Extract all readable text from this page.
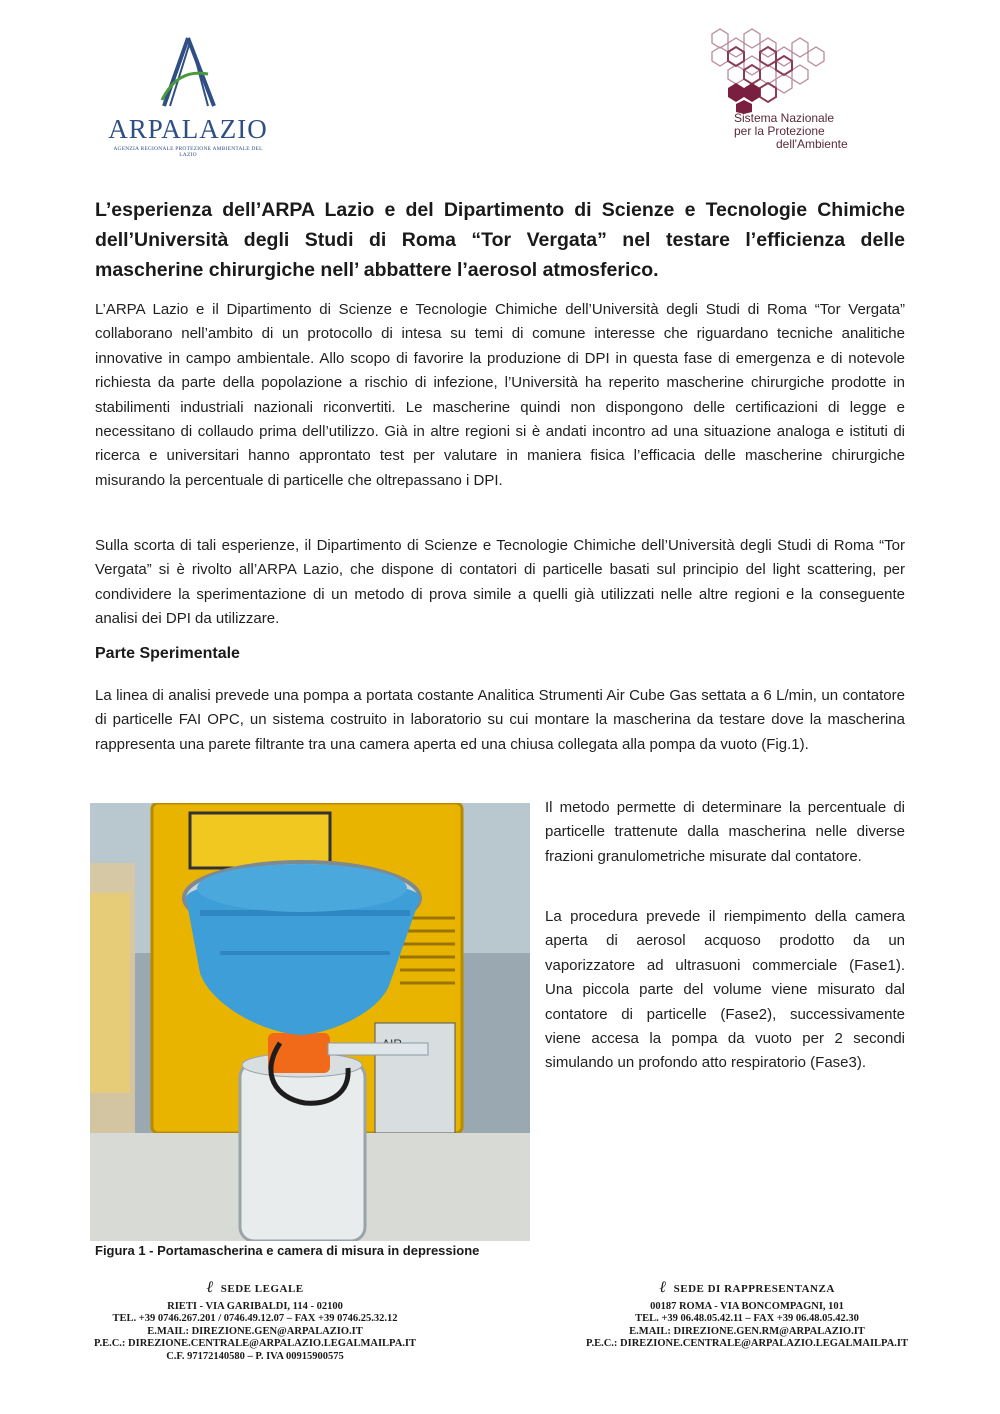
ARPALAZIO
AGENZIA REGIONALE PROTEZIONE AMBIENTALE DEL LAZIO
Sistema Nazionale
per la Protezione
dell'Ambiente
L’esperienza dell’ARPA Lazio e del Dipartimento di Scienze e Tecnologie Chimiche dell’Università degli Studi di Roma “Tor Vergata” nel testare l’efficienza delle mascherine chirurgiche nell’ abbattere l’aerosol atmosferico.
L’ARPA Lazio e il Dipartimento di Scienze e Tecnologie Chimiche dell’Università degli Studi di Roma “Tor Vergata” collaborano nell’ambito di un protocollo di intesa su temi di comune interesse che riguardano tecniche analitiche innovative in campo ambientale. Allo scopo di favorire la produzione di DPI in questa fase di emergenza e di notevole richiesta da parte della popolazione a rischio di infezione, l’Università ha reperito mascherine chirurgiche prodotte in stabilimenti industriali nazionali riconvertiti. Le mascherine quindi non dispongono delle certificazioni di legge e necessitano di collaudo prima dell’utilizzo. Già in altre regioni si è andati incontro ad una situazione analoga e istituti di ricerca e universitari hanno approntato test per valutare in maniera fisica l’efficacia delle mascherine chirurgiche misurando la percentuale di particelle che oltrepassano i DPI.
Sulla scorta di tali esperienze, il Dipartimento di Scienze e Tecnologie Chimiche dell’Università degli Studi di Roma “Tor Vergata” si è rivolto all’ARPA Lazio, che dispone di contatori di particelle basati sul principio del light scattering, per condividere la sperimentazione di un metodo di prova simile a quelli già utilizzati nelle altre regioni e la conseguente analisi dei DPI da utilizzare.
Parte Sperimentale
La linea di analisi prevede una pompa a portata costante Analitica Strumenti Air Cube Gas settata a 6 L/min, un contatore di particelle FAI OPC, un sistema costruito in laboratorio su cui montare la mascherina da testare dove la mascherina rappresenta una parete filtrante tra una camera aperta ed una chiusa collegata alla pompa da vuoto (Fig.1).
Figura 1 - Portamascherina e camera di misura in depressione
Il metodo permette di determinare la percentuale di particelle trattenute dalla mascherina nelle diverse frazioni granulometriche misurate dal contatore.
La procedura prevede il riempimento della camera aperta di aerosol acquoso prodotto da un vaporizzatore ad ultrasuoni commerciale (Fase1). Una piccola parte del volume viene misurato dal contatore di particelle (Fase2), successivamente viene accesa la pompa da vuoto per 2 secondi simulando un profondo atto respiratorio (Fase3).
ℓ SEDE LEGALE
RIETI - VIA GARIBALDI, 114 - 02100
TEL. +39 0746.267.201 / 0746.49.12.07 – FAX +39 0746.25.32.12
E.MAIL: DIREZIONE.GEN@ARPALAZIO.IT
P.E.C.: DIREZIONE.CENTRALE@ARPALAZIO.LEGALMAILPA.IT
C.F. 97172140580 – P. IVA 00915900575
ℓ SEDE DI RAPPRESENTANZA
00187 ROMA - VIA BONCOMPAGNI, 101
TEL. +39 06.48.05.42.11 – FAX +39 06.48.05.42.30
E.MAIL: DIREZIONE.GEN.RM@ARPALAZIO.IT
P.E.C.: DIREZIONE.CENTRALE@ARPALAZIO.LEGALMAILPA.IT
